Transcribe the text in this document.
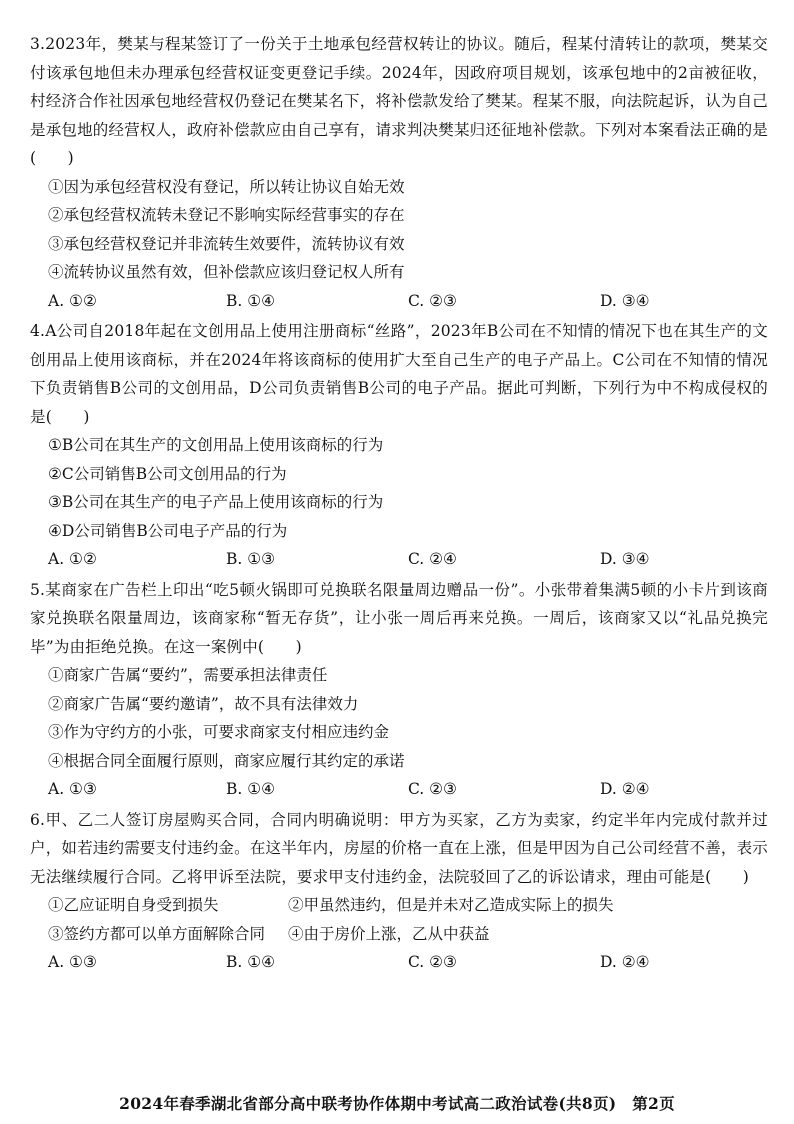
3.2023年，樊某与程某签订了一份关于土地承包经营权转让的协议。随后，程某付清转让的款项，樊某交付该承包地但未办理承包经营权证变更登记手续。2024年，因政府项目规划，该承包地中的2亩被征收，村经济合作社因承包地经营权仍登记在樊某名下，将补偿款发给了樊某。程某不服，向法院起诉，认为自己是承包地的经营权人，政府补偿款应由自己享有，请求判决樊某归还征地补偿款。下列对本案看法正确的是(　　)

①因为承包经营权没有登记，所以转让协议自始无效
②承包经营权流转未登记不影响实际经营事实的存在
③承包经营权登记并非流转生效要件，流转协议有效
④流转协议虽然有效，但补偿款应该归登记权人所有
A. ①②	B. ①④	C. ②③	D. ③④

4.A公司自2018年起在文创用品上使用注册商标“丝路”，2023年B公司在不知情的情况下也在其生产的文创用品上使用该商标，并在2024年将该商标的使用扩大至自己生产的电子产品上。C公司在不知情的情况下负责销售B公司的文创用品，D公司负责销售B公司的电子产品。据此可判断，下列行为中不构成侵权的是(　　)

①B公司在其生产的文创用品上使用该商标的行为
②C公司销售B公司文创用品的行为
③B公司在其生产的电子产品上使用该商标的行为
④D公司销售B公司电子产品的行为
A. ①②	B. ①③	C. ②④	D. ③④

5.某商家在广告栏上印出“吃5顿火锅即可兑换联名限量周边赠品一份”。小张带着集满5顿的小卡片到该商家兑换联名限量周边，该商家称“暂无存货”，让小张一周后再来兑换。一周后，该商家又以“礼品兑换完毕”为由拒绝兑换。在这一案例中(　　)

①商家广告属“要约”，需要承担法律责任
②商家广告属“要约邀请”，故不具有法律效力
③作为守约方的小张，可要求商家支付相应违约金
④根据合同全面履行原则，商家应履行其约定的承诺
A. ①③	B. ①④	C. ②③	D. ②④

6.甲、乙二人签订房屋购买合同，合同内明确说明：甲方为买家，乙方为卖家，约定半年内完成付款并过户，如若违约需要支付违约金。在这半年内，房屋的价格一直在上涨，但是甲因为自己公司经营不善，表示无法继续履行合同。乙将甲诉至法院，要求甲支付违约金，法院驳回了乙的诉讼请求，理由可能是(　　)

①乙应证明自身受到损失	②甲虽然违约，但是并未对乙造成实际上的损失
③签约方都可以单方面解除合同	④由于房价上涨，乙从中获益
A. ①③	B. ①④	C. ②③	D. ②④
2024年春季湖北省部分高中联考协作体期中考试高二政治试卷(共8页)　第2页
